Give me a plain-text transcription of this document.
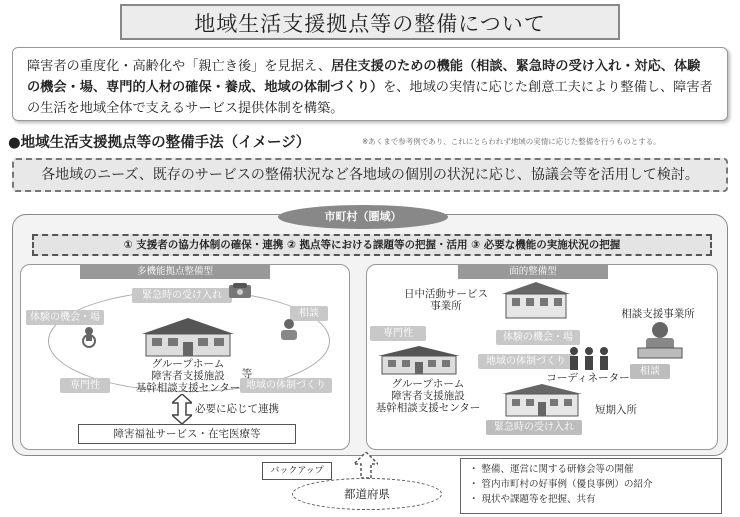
地域生活支援拠点等の整備について
障害者の重度化・高齢化や「親亡き後」を見据え、居住支援のための機能（相談、緊急時の受け入れ・対応、体験の機会・場、専門的人材の確保・養成、地域の体制づくり）を、地域の実情に応じた創意工夫により整備し、障害者の生活を地域全体で支えるサービス提供体制を構築。
●地域生活支援拠点等の整備手法（イメージ）	※あくまで参考例であり、これにとらわれず地域の実情に応じた整備を行うものとする。
各地域のニーズ、既存のサービスの整備状況など各地域の個別の状況に応じ、協議会等を活用して検討。
市町村（圏域）
① 支援者の協力体制の確保・連携 ② 拠点等における課題等の把握・活用 ③ 必要な機能の実施状況の把握
多機能拠点整備型
緊急時の受け入れ
相談
体験の機会・場
専門性	地域の体制づくり
グループホーム
障害者支援施設
基幹相談支援センター
等
必要に応じて連携
障害福祉サービス・在宅医療等
面的整備型
日中活動サービス
事業所
相談支援事業所
専門性	体験の機会・場
地域の体制づくり
相談
コーディネーター
グループホーム
障害者支援施設
基幹相談支援センター	短期入所
緊急時の受け入れ
バックアップ
都道府県
・ 整備、運営に関する研修会等の開催
・ 管内市町村の好事例（優良事例）の紹介
・ 現状や課題等を把握、共有
